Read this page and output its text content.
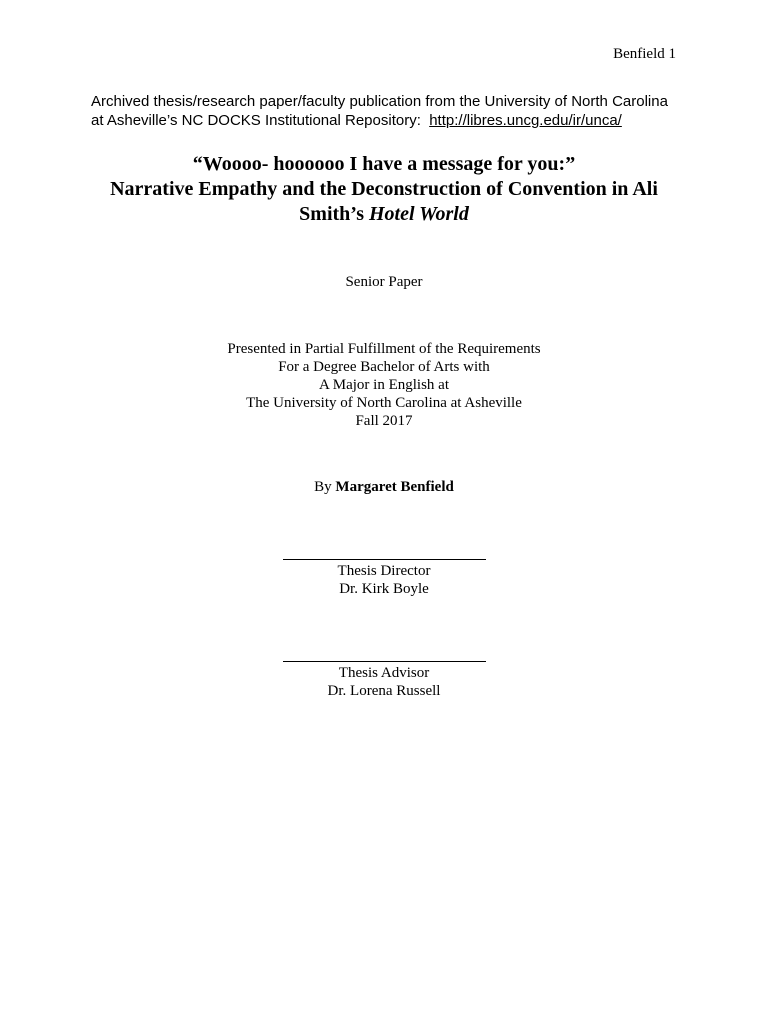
Benfield 1
Archived thesis/research paper/faculty publication from the University of North Carolina
at Asheville’s NC DOCKS Institutional Repository: http://libres.uncg.edu/ir/unca/
“Woooo- hoooooo I have a message for you:”
Narrative Empathy and the Deconstruction of Convention in Ali
Smith’s Hotel World
Senior Paper
Presented in Partial Fulfillment of the Requirements
For a Degree Bachelor of Arts with
A Major in English at
The University of North Carolina at Asheville
Fall 2017
By Margaret Benfield
Thesis Director
Dr. Kirk Boyle
Thesis Advisor
Dr. Lorena Russell
